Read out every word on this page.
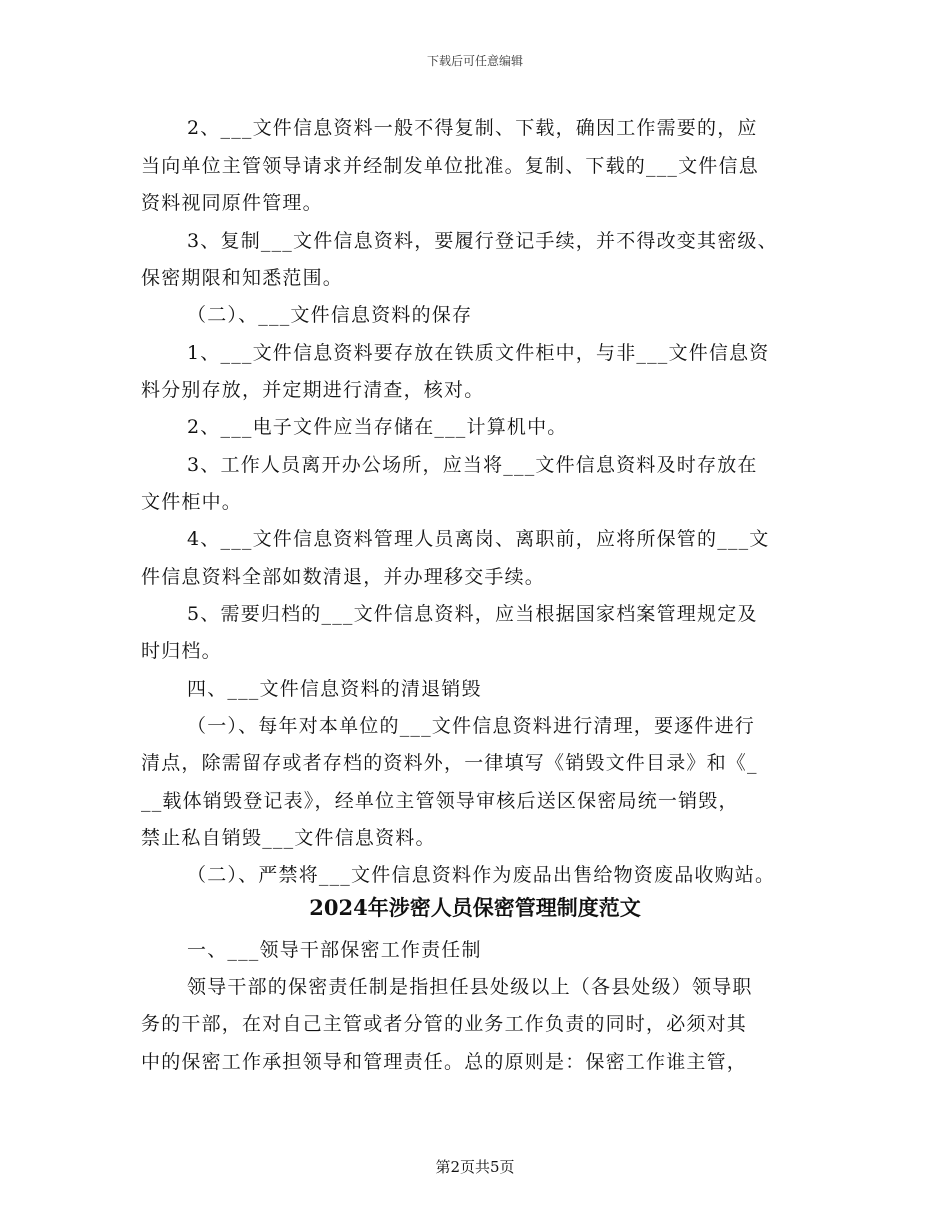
下载后可任意编辑
2、___文件信息资料一般不得复制、下载，确因工作需要的，应
当向单位主管领导请求并经制发单位批准。复制、下载的___文件信息
资料视同原件管理。
3、复制___文件信息资料，要履行登记手续，并不得改变其密级、
保密期限和知悉范围。
（二）、___文件信息资料的保存
1、___文件信息资料要存放在铁质文件柜中，与非___文件信息资
料分别存放，并定期进行清查，核对。
2、___电子文件应当存储在___计算机中。
3、工作人员离开办公场所，应当将___文件信息资料及时存放在
文件柜中。
4、___文件信息资料管理人员离岗、离职前，应将所保管的___文
件信息资料全部如数清退，并办理移交手续。
5、需要归档的___文件信息资料，应当根据国家档案管理规定及
时归档。
四、___文件信息资料的清退销毁
（一）、每年对本单位的___文件信息资料进行清理，要逐件进行
清点，除需留存或者存档的资料外，一律填写《销毁文件目录》和《_
__载体销毁登记表》，经单位主管领导审核后送区保密局统一销毁，
禁止私自销毁___文件信息资料。
（二）、严禁将___文件信息资料作为废品出售给物资废品收购站。
2024年涉密人员保密管理制度范文
一、___领导干部保密工作责任制
领导干部的保密责任制是指担任县处级以上（各县处级）领导职
务的干部，在对自己主管或者分管的业务工作负责的同时，必须对其
中的保密工作承担领导和管理责任。总的原则是：保密工作谁主管，
第2页共5页
